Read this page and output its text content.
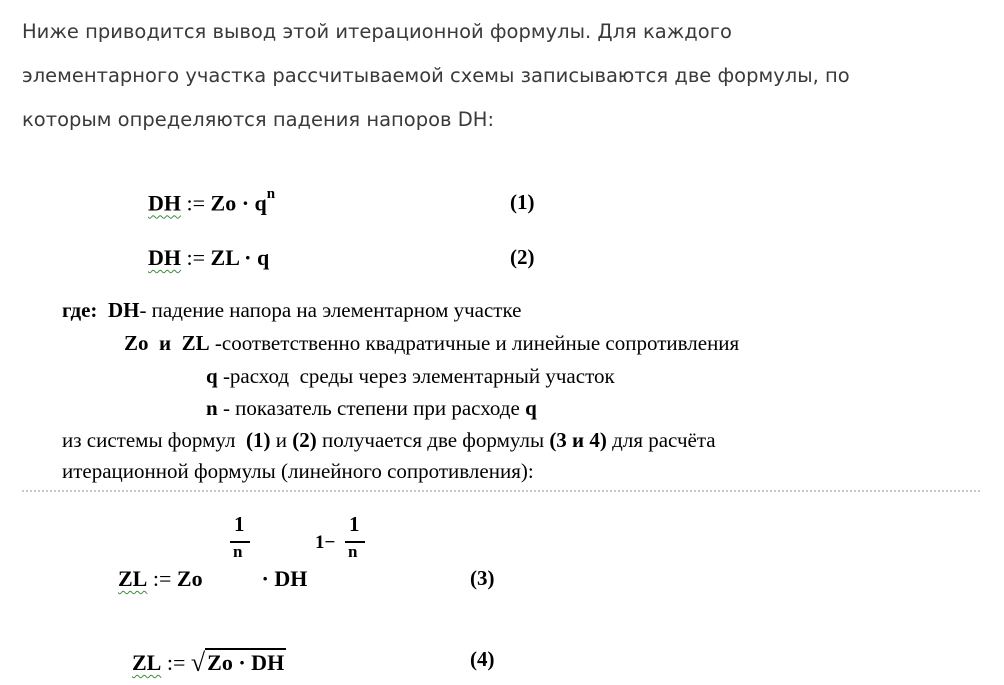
Ниже приводится вывод этой итерационной формулы. Для каждого
элементарного участка рассчитываемой схемы записываются две формулы, по
которым определяются падения напоров DH:
DH := $Zo \cdot q^n$	(1)
DH := ZL · q	(2)
где: DH- падение напора на элементарном участке
Zo и ZL -соответственно квадратичные и линейные сопротивления
q -расход  среды через элементарный участок
n - показатель степени при расходе q
из системы формул  (1) и (2) получается две формулы (3 и 4) для расчёта
итерационной формулы (линейного сопротивления):
ZL := Zo
1
n
· DH
1−
1
n
(3)
ZL := √Zo · DH	(4)
